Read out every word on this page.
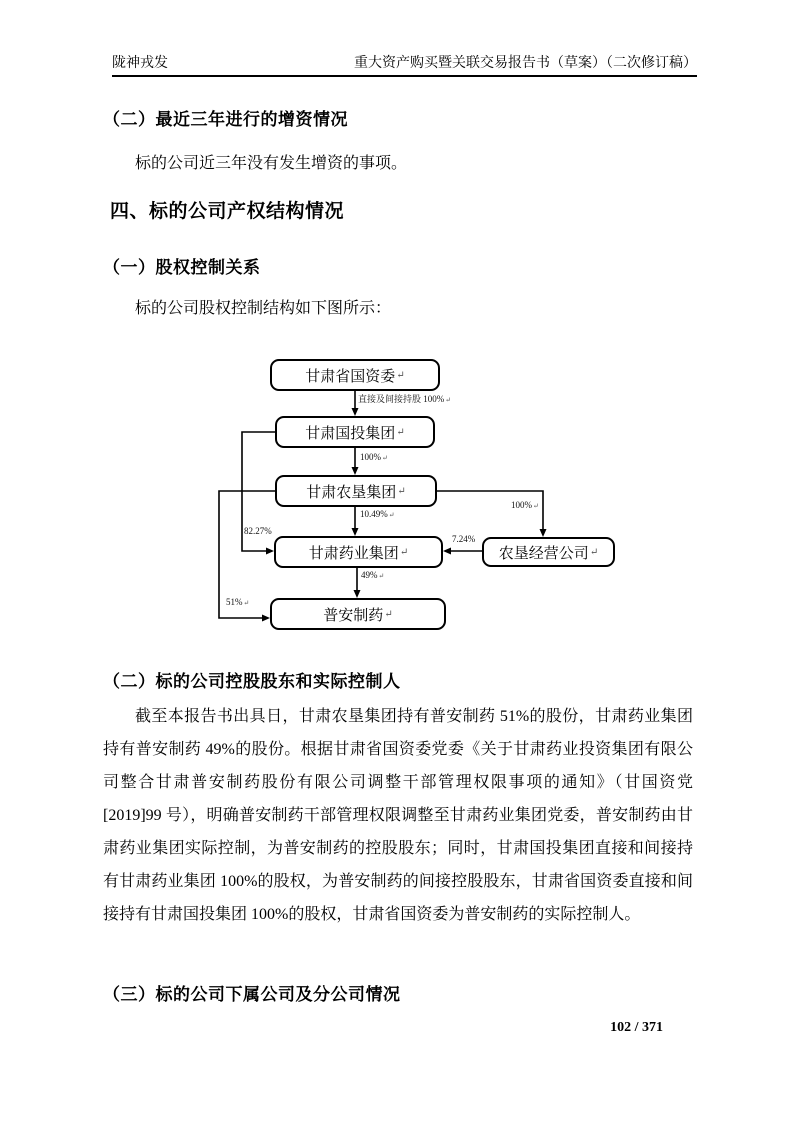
陇神戎发	重大资产购买暨关联交易报告书（草案）（二次修订稿）
（二）最近三年进行的增资情况
标的公司近三年没有发生增资的事项。
四、标的公司产权结构情况
（一）股权控制关系
标的公司股权控制结构如下图所示：
甘肃省国资委 ↵
甘肃国投集团 ↵
甘肃农垦集团 ↵
甘肃药业集团 ↵	农垦经营公司 ↵
普安制药 ↵
直接及间接持股 100%↵
100%↵
10.49%↵
82.27%
100%↵
7.24%
49%↵
51%↵
（二）标的公司控股股东和实际控制人
截至本报告书出具日，甘肃农垦集团持有普安制药 51%的股份，甘肃药业集团持有普安制药 49%的股份。根据甘肃省国资委党委《关于甘肃药业投资集团有限公司整合甘肃普安制药股份有限公司调整干部管理权限事项的通知》（甘国资党[2019]99 号），明确普安制药干部管理权限调整至甘肃药业集团党委，普安制药由甘肃药业集团实际控制，为普安制药的控股股东；同时，甘肃国投集团直接和间接持有甘肃药业集团 100%的股权，为普安制药的间接控股股东，甘肃省国资委直接和间接持有甘肃国投集团 100%的股权，甘肃省国资委为普安制药的实际控制人。
（三）标的公司下属公司及分公司情况
102 / 371
